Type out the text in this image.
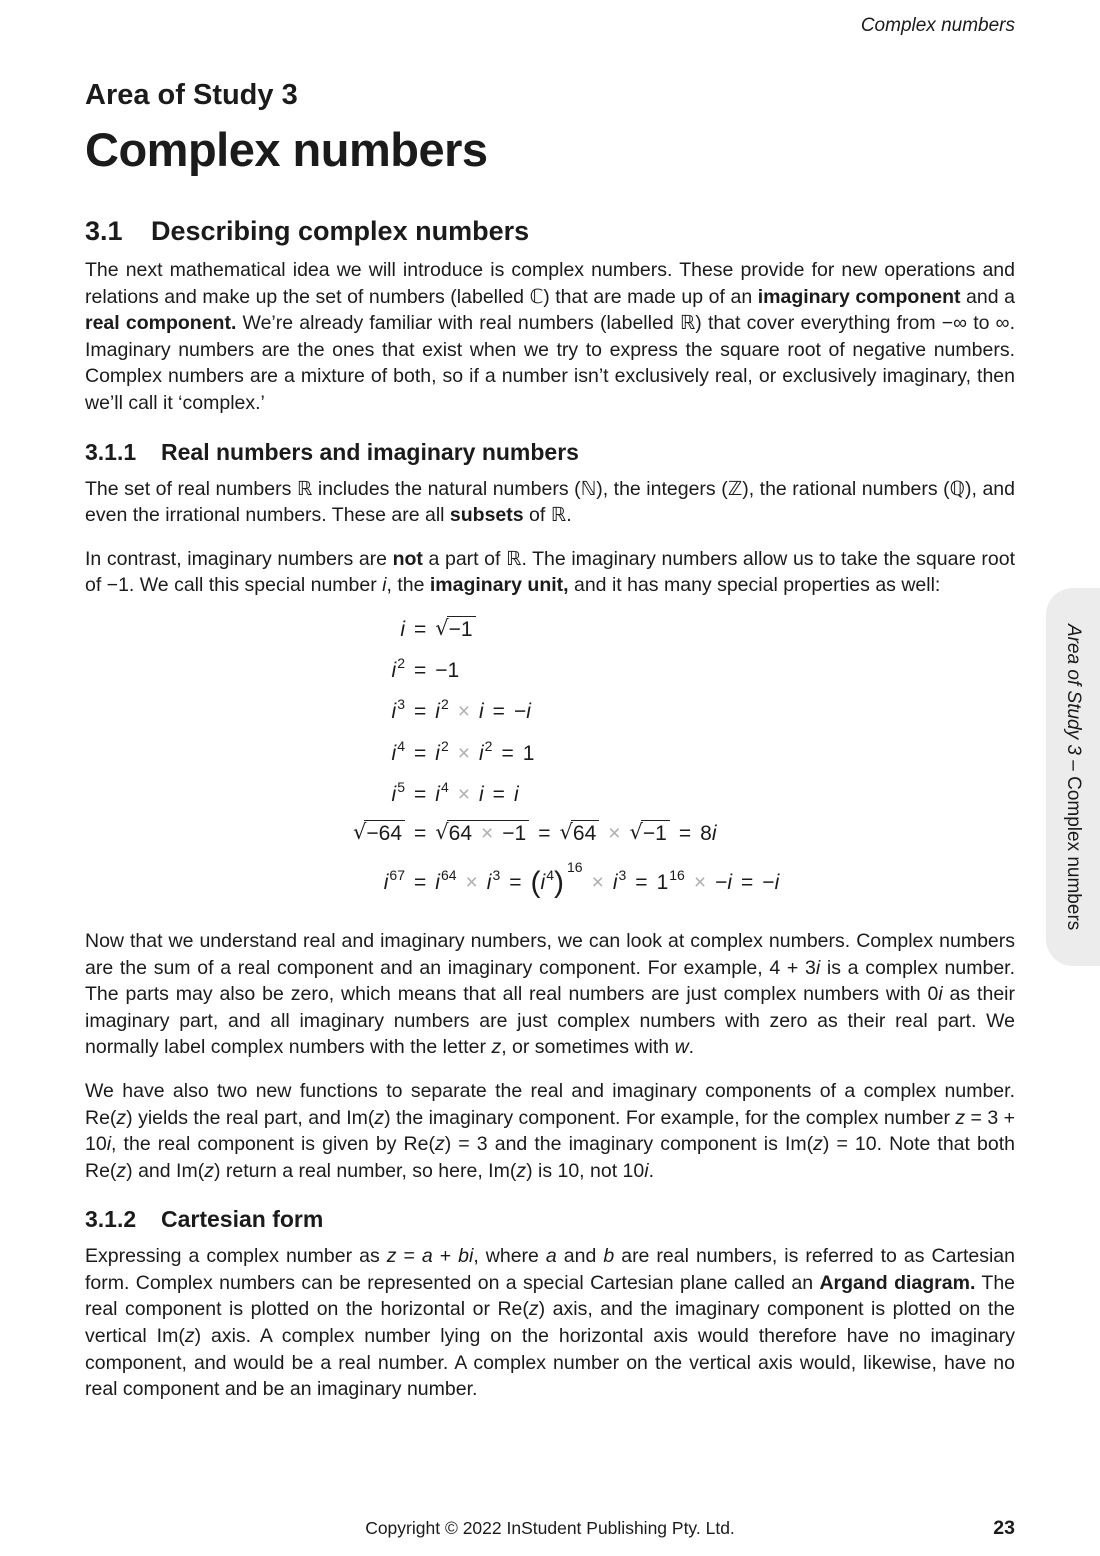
Complex numbers
Area of Study 3
Complex numbers
3.1 Describing complex numbers

The next mathematical idea we will introduce is complex numbers. These provide for new operations and relations and make up the set of numbers (labelled ℂ) that are made up of an imaginary component and a real component. We’re already familiar with real numbers (labelled ℝ) that cover everything from −∞ to ∞. Imaginary numbers are the ones that exist when we try to express the square root of negative numbers. Complex numbers are a mixture of both, so if a number isn’t exclusively real, or exclusively imaginary, then we’ll call it ‘complex.’

3.1.1 Real numbers and imaginary numbers

The set of real numbers ℝ includes the natural numbers (ℕ), the integers (ℤ), the rational numbers (ℚ), and even the irrational numbers. These are all subsets of ℝ.

In contrast, imaginary numbers are not a part of ℝ. The imaginary numbers allow us to take the square root of −1. We call this special number i, the imaginary unit, and it has many special properties as well:

i = √−1
$i^2 = -1$
$i^3 = i^2 \times i = -i$
$i^4 = i^2 \times i^2 = 1$
$i^5 = i^4 \times i = i$
√−64 = √64 × −1 = √64 × √−1 = 8i
$i^{67} = i^{64} \times i^3 = (i^4)$ $^{16}\times i^3 = 1^{16} \times -i = -i$

Now that we understand real and imaginary numbers, we can look at complex numbers. Complex numbers are the sum of a real component and an imaginary component. For example, 4 + 3i is a complex number. The parts may also be zero, which means that all real numbers are just complex numbers with 0i as their imaginary part, and all imaginary numbers are just complex numbers with zero as their real part. We normally label complex numbers with the letter z, or sometimes with w.

We have also two new functions to separate the real and imaginary components of a complex number. Re(z) yields the real part, and Im(z) the imaginary component. For example, for the complex number z = 3 + 10i, the real component is given by Re(z) = 3 and the imaginary component is Im(z) = 10. Note that both Re(z) and Im(z) return a real number, so here, Im(z) is 10, not 10i.

3.1.2 Cartesian form

Expressing a complex number as z = a + bi, where a and b are real numbers, is referred to as Cartesian form. Complex numbers can be represented on a special Cartesian plane called an Argand diagram. The real component is plotted on the horizontal or Re(z) axis, and the imaginary component is plotted on the vertical Im(z) axis. A complex number lying on the horizontal axis would therefore have no imaginary component, and would be a real number. A complex number on the vertical axis would, likewise, have no real component and be an imaginary number.

Area of Study 3 – Complex numbers
Copyright © 2022 InStudent Publishing Pty. Ltd.	23
